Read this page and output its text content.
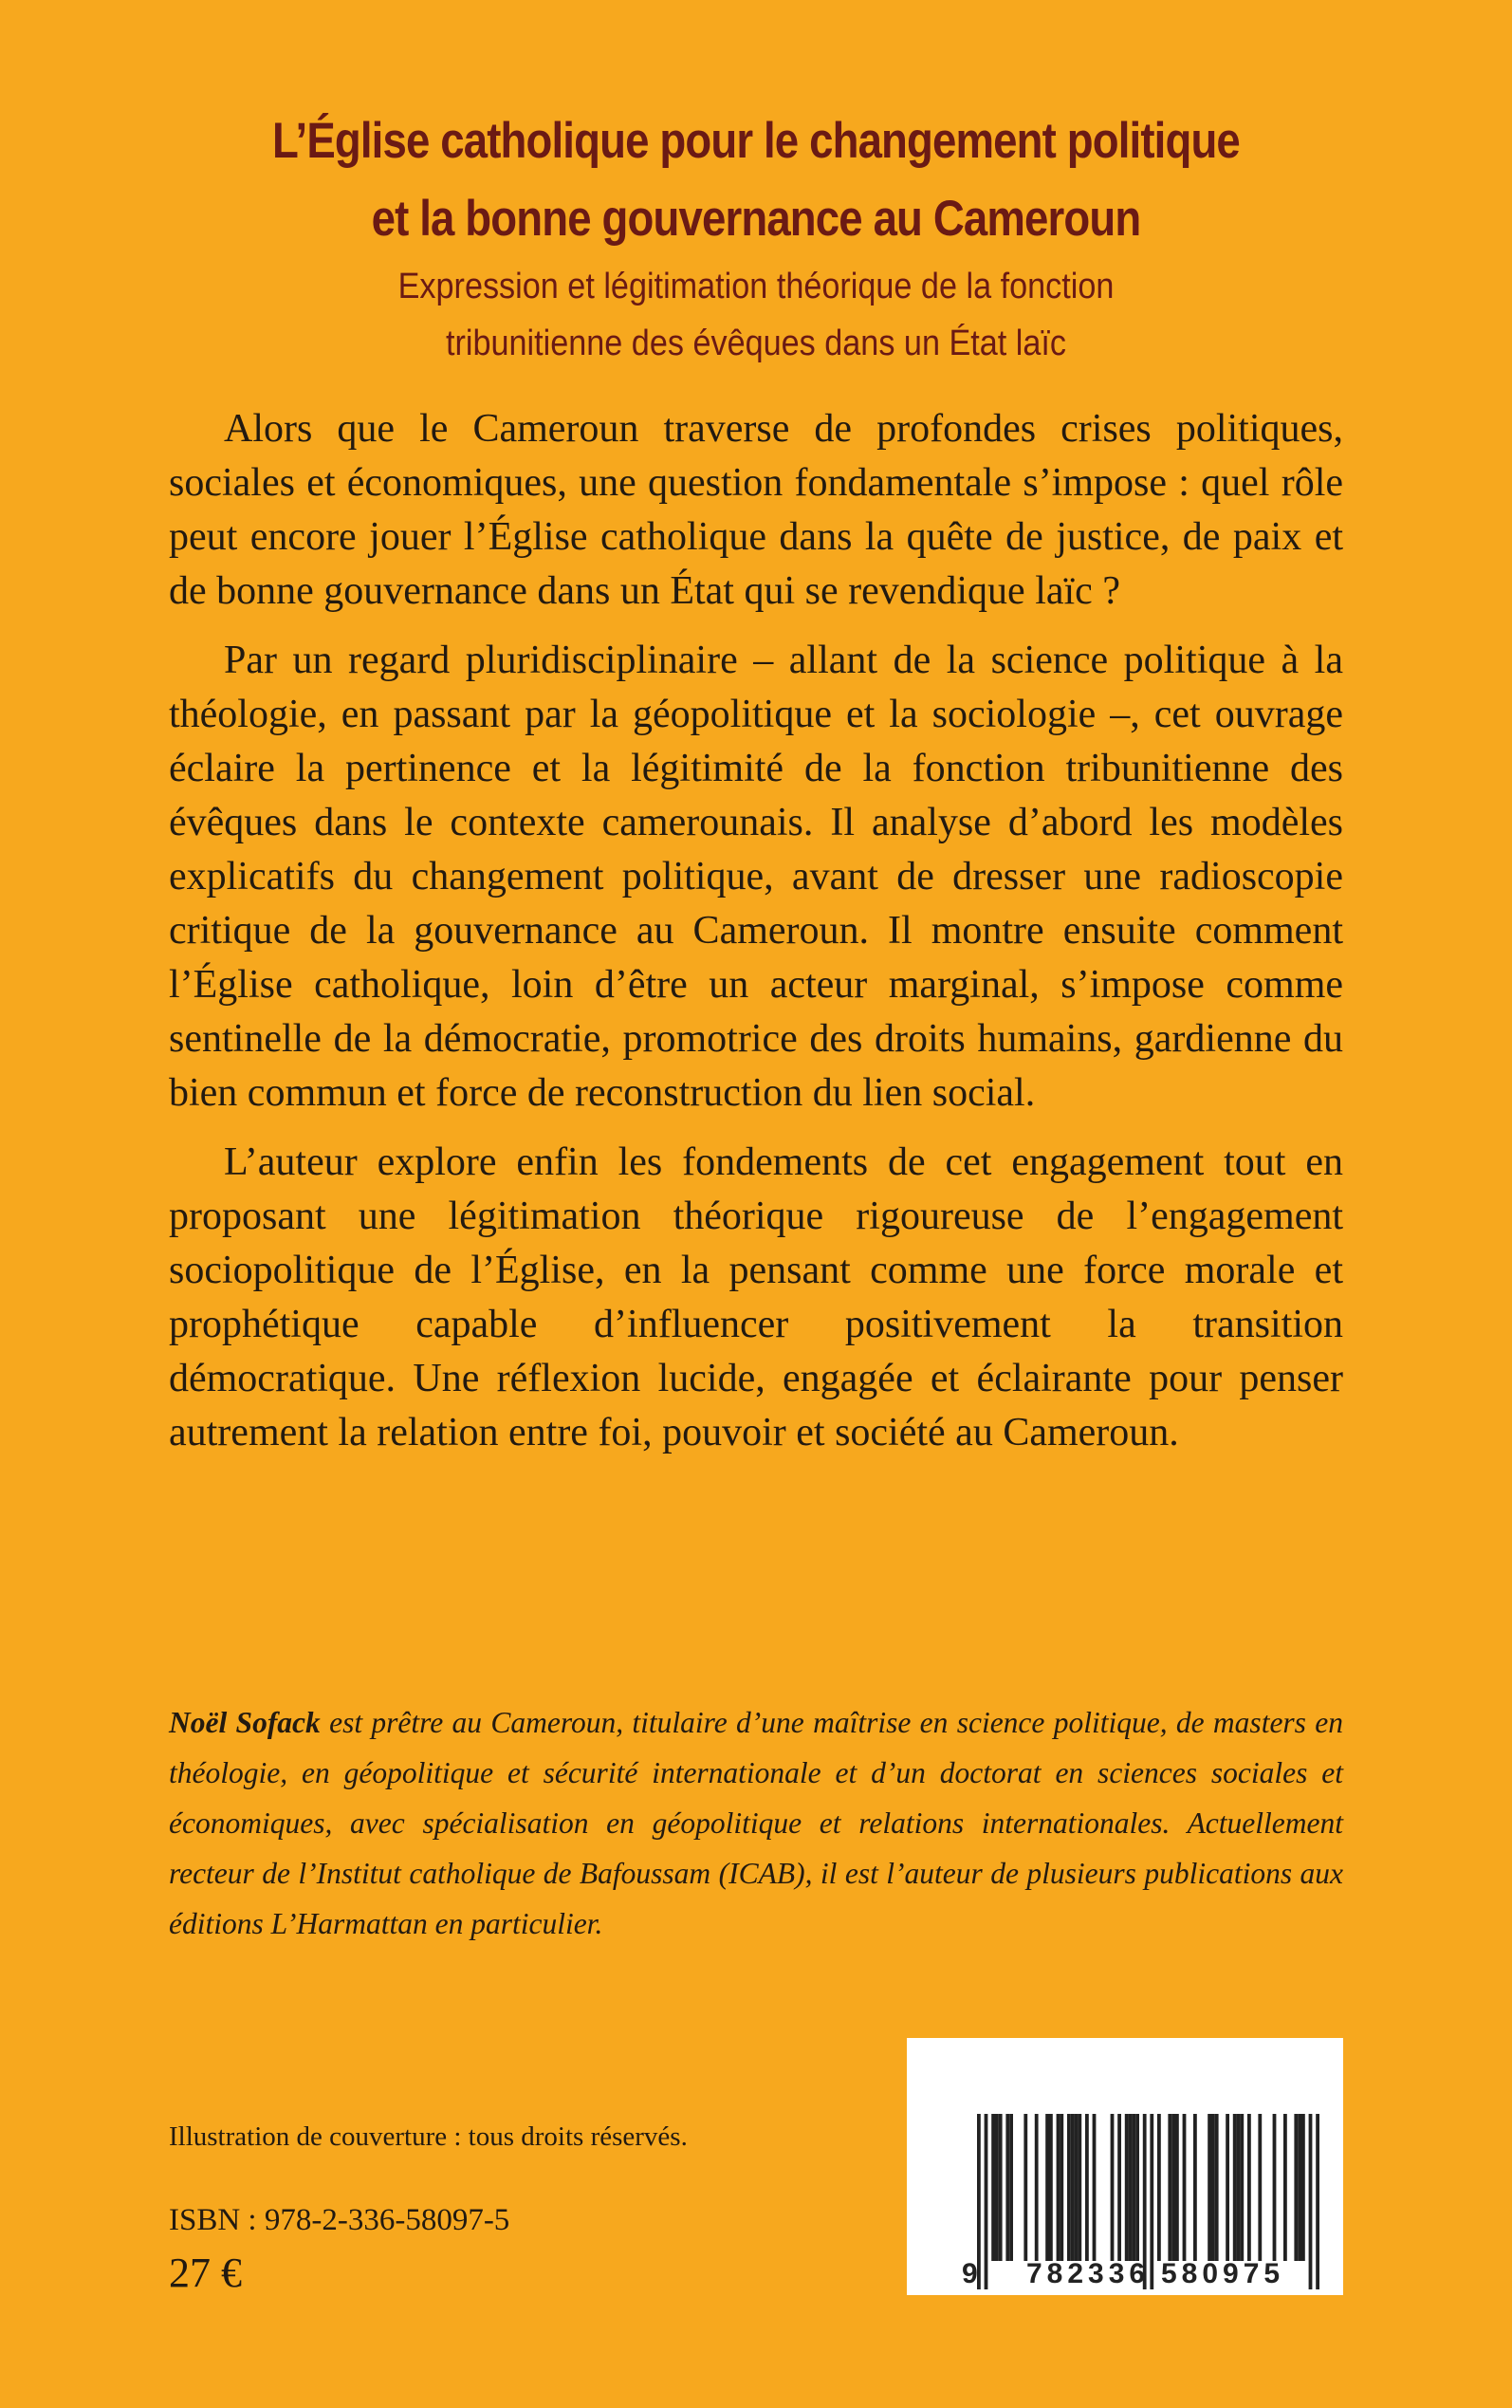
L’Église catholique pour le changement politique
et la bonne gouvernance au Cameroun
Expression et légitimation théorique de la fonction
tribunitienne des évêques dans un État laïc

Alors que le Cameroun traverse de profondes crises politiques, sociales et économiques, une question fondamentale s’impose : quel rôle peut encore jouer l’Église catholique dans la quête de justice, de paix et de bonne gouvernance dans un État qui se revendique laïc ?

Par un regard pluridisciplinaire – allant de la science politique à la théologie, en passant par la géopolitique et la sociologie –, cet ouvrage éclaire la pertinence et la légitimité de la fonction tribunitienne des évêques dans le contexte camerounais. Il analyse d’abord les modèles explicatifs du changement politique, avant de dresser une radioscopie critique de la gouvernance au Cameroun. Il montre ensuite comment l’Église catholique, loin d’être un acteur marginal, s’impose comme sentinelle de la démocratie, promotrice des droits humains, gardienne du bien commun et force de reconstruction du lien social.

L’auteur explore enfin les fondements de cet engagement tout en proposant une légitimation théorique rigoureuse de l’engagement sociopolitique de l’Église, en la pensant comme une force morale et prophétique capable d’influencer positivement la transition démocratique. Une réflexion lucide, engagée et éclairante pour penser autrement la relation entre foi, pouvoir et société au Cameroun.

Noël Sofack est prêtre au Cameroun, titulaire d’une maîtrise en science politique, de masters en théologie, en géopolitique et sécurité internationale et d’un doctorat en sciences sociales et économiques, avec spécialisation en géopolitique et relations internationales. Actuellement recteur de l’Institut catholique de Bafoussam (ICAB), il est l’auteur de plusieurs publications aux éditions L’Harmattan en particulier.
Illustration de couverture : tous droits réservés.
ISBN : 978-2-336-58097-5
27 €	9 782336 580975
